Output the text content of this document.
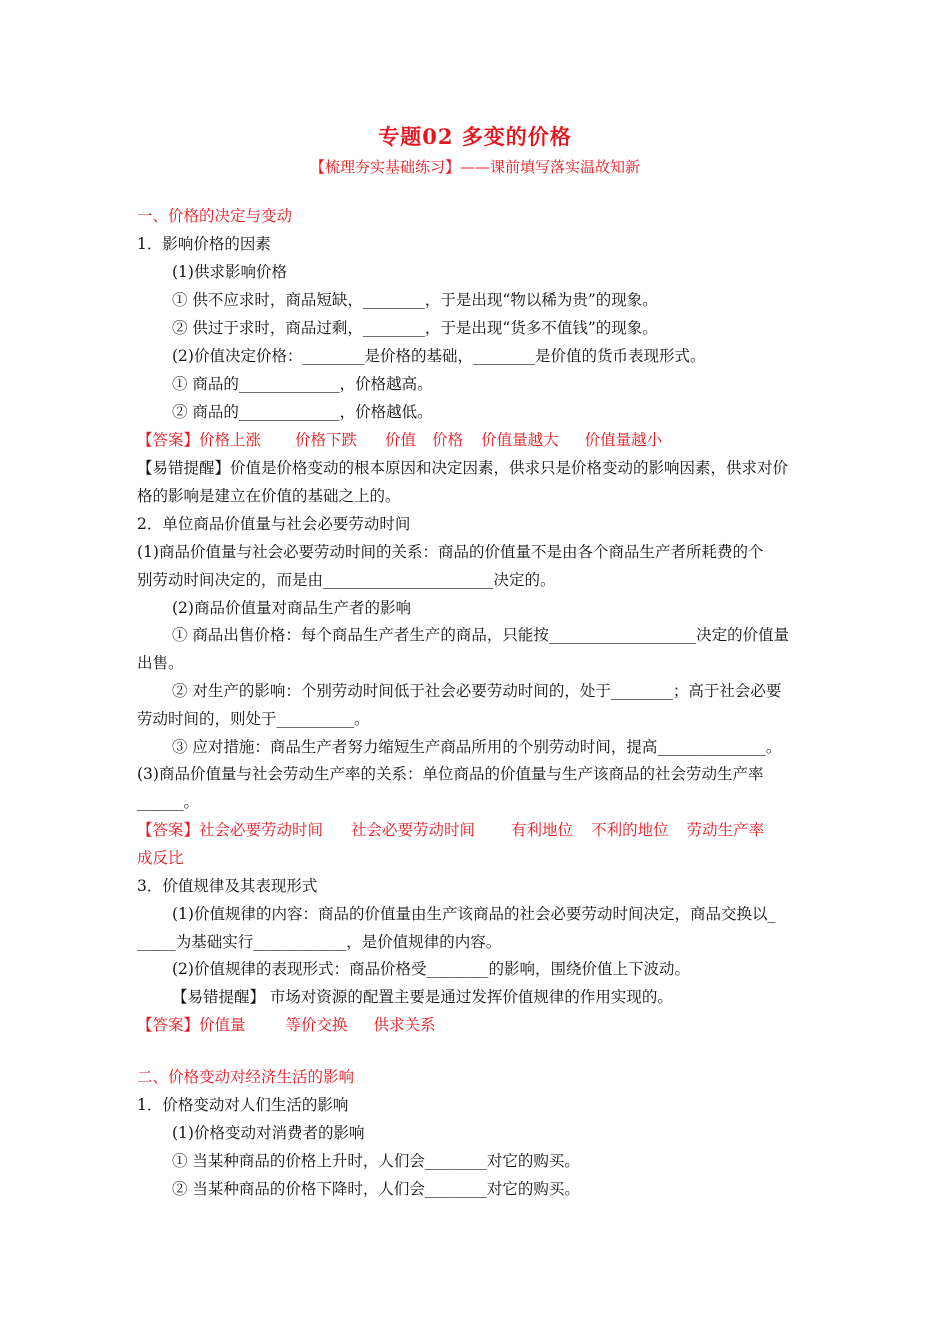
专题02 多变的价格
【梳理夯实基础练习】——课前填写落实温故知新
一、价格的决定与变动
1．影响价格的因素
(1)供求影响价格
① 供不应求时，商品短缺，________，于是出现“物以稀为贵”的现象。
② 供过于求时，商品过剩，________，于是出现“货多不值钱”的现象。
(2)价值决定价格：________是价格的基础，________是价值的货币表现形式。
① 商品的_____________，价格越高。
② 商品的_____________，价格越低。
【答案】价格上涨 价格下跌 价值 价格 价值量越大 价值量越小
【易错提醒】价值是价格变动的根本原因和决定因素，供求只是价格变动的影响因素，供求对价
格的影响是建立在价值的基础之上的。
2．单位商品价值量与社会必要劳动时间
(1)商品价值量与社会必要劳动时间的关系：商品的价值量不是由各个商品生产者所耗费的个
别劳动时间决定的，而是由______________________决定的。
(2)商品价值量对商品生产者的影响
① 商品出售价格：每个商品生产者生产的商品，只能按___________________决定的价值量
出售。
② 对生产的影响：个别劳动时间低于社会必要劳动时间的，处于________；高于社会必要
劳动时间的，则处于__________。
③ 应对措施：商品生产者努力缩短生产商品所用的个别劳动时间，提高______________。
(3)商品价值量与社会劳动生产率的关系：单位商品的价值量与生产该商品的社会劳动生产率
______。
【答案】社会必要劳动时间 社会必要劳动时间 有利地位 不利的地位 劳动生产率
成反比
3．价值规律及其表现形式
(1)价值规律的内容：商品的价值量由生产该商品的社会必要劳动时间决定，商品交换以_
_____为基础实行____________，是价值规律的内容。
(2)价值规律的表现形式：商品价格受________的影响，围绕价值上下波动。
【易错提醒】 市场对资源的配置主要是通过发挥价值规律的作用实现的。
【答案】价值量	等价交换 供求关系
二、价格变动对经济生活的影响
1．价格变动对人们生活的影响
(1)价格变动对消费者的影响
① 当某种商品的价格上升时，人们会________对它的购买。
② 当某种商品的价格下降时，人们会________对它的购买。
